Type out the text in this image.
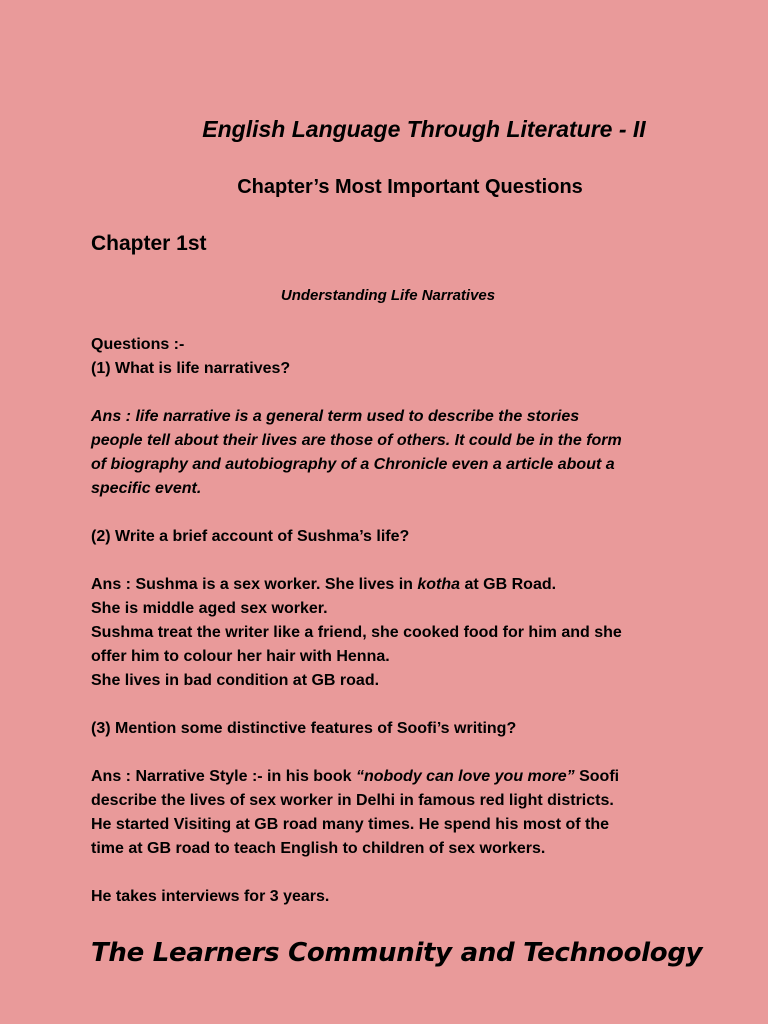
English Language Through Literature - II
Chapter’s Most Important Questions
Chapter 1st
Understanding Life Narratives

Questions :-

(1) What is life narratives?

Ans : life narrative is a general term used to describe the stories

people tell about their lives are those of others. It could be in the form

of biography and autobiography of a Chronicle even a article about a

specific event.

(2) Write a brief account of Sushma’s life?

Ans : Sushma is a sex worker. She lives in kotha at GB Road.

She is middle aged sex worker.

Sushma treat the writer like a friend, she cooked food for him and she

offer him to colour her hair with Henna.

She lives in bad condition at GB road.

(3) Mention some distinctive features of Soofi’s writing?

Ans : Narrative Style :- in his book “nobody can love you more” Soofi

describe the lives of sex worker in Delhi in famous red light districts.

He started Visiting at GB road many times. He spend his most of the

time at GB road to teach English to children of sex workers.

He takes interviews for 3 years.

The Learners Community and Technoology
